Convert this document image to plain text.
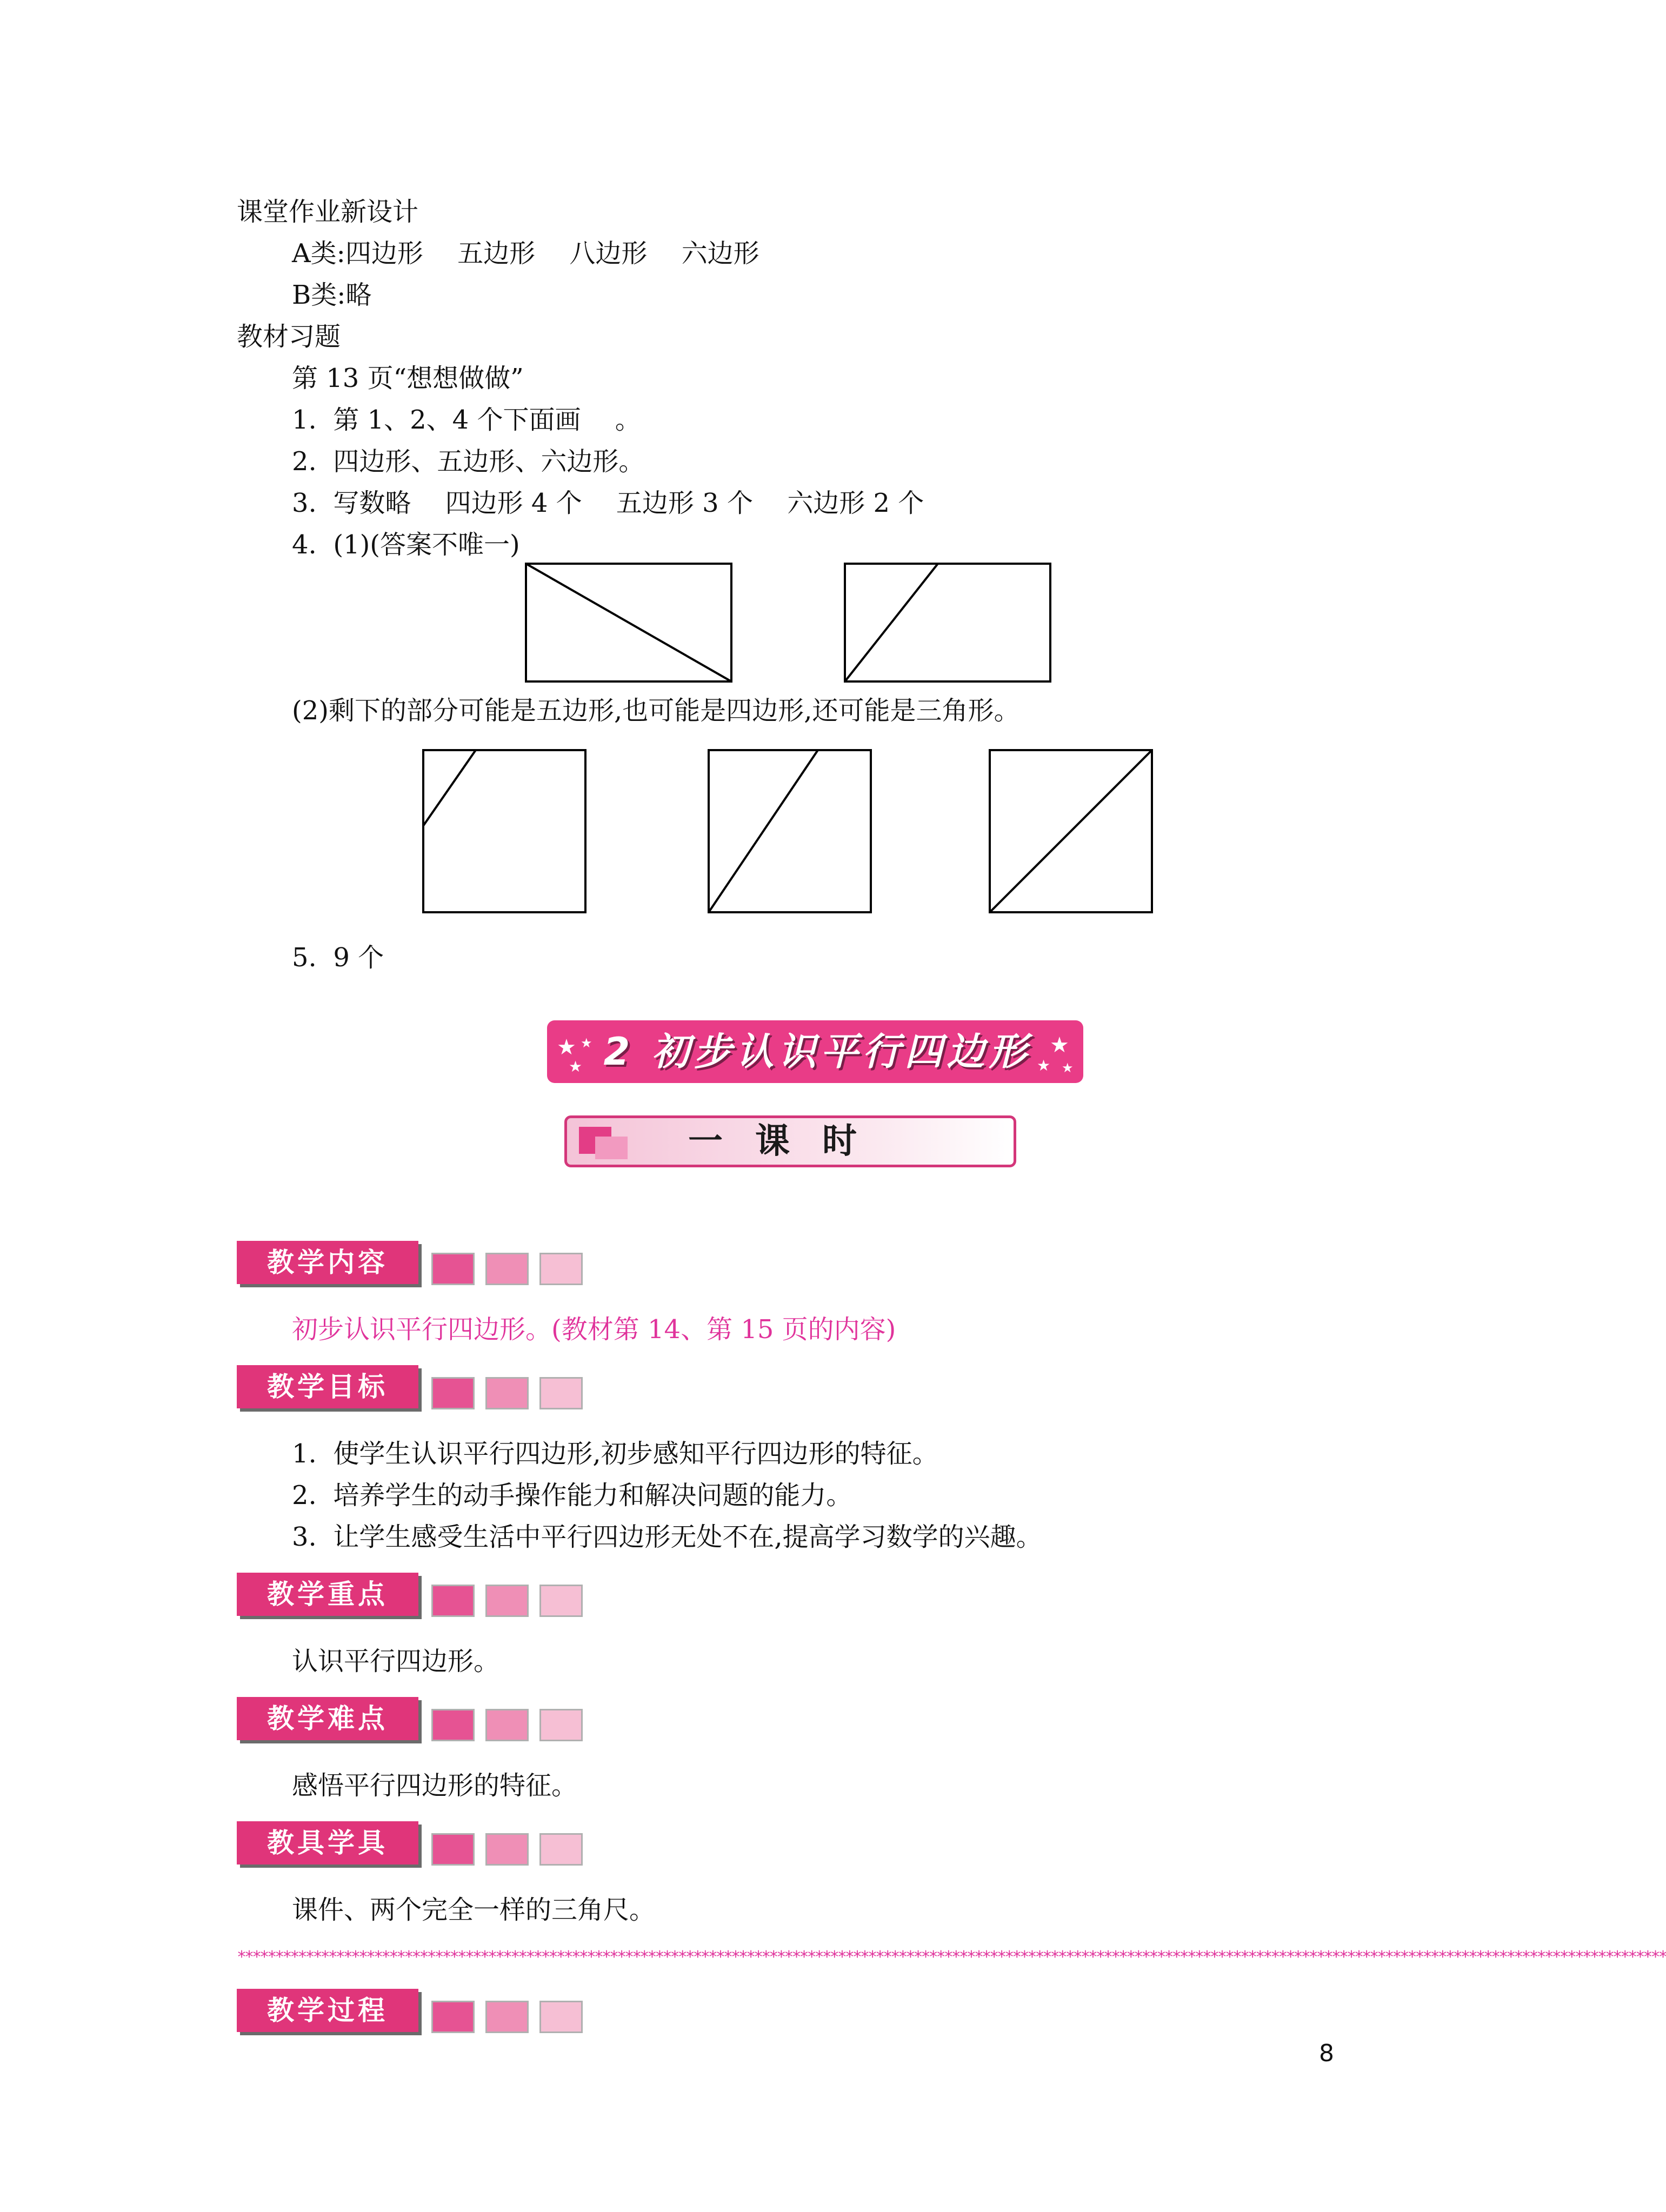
课堂作业新设计
A类:四边形　 五边形　 八边形　 六边形
B类:略
教材习题
第 13 页“想想做做”
1.  第 1、2、4 个下面画　 。
2.  四边形、五边形、六边形。
3.  写数略　 四边形 4 个　 五边形 3 个　 六边形 2 个
4.  (1)(答案不唯一)
(2)剩下的部分可能是五边形,也可能是四边形,还可能是三角形。
5.  9 个
★
★
★	★
★ ★
2 初步认识平行四边形
一课时
教学内容
初步认识平行四边形。(教材第 14、第 15 页的内容)
教学目标
1.  使学生认识平行四边形,初步感知平行四边形的特征。
2.  培养学生的动手操作能力和解决问题的能力。
3.  让学生感受生活中平行四边形无处不在,提高学习数学的兴趣。
教学重点
认识平行四边形。
教学难点
感悟平行四边形的特征。
教具学具
课件、两个完全一样的三角尺。
********************************************************************************************************************************************************************************************
教学过程
8
